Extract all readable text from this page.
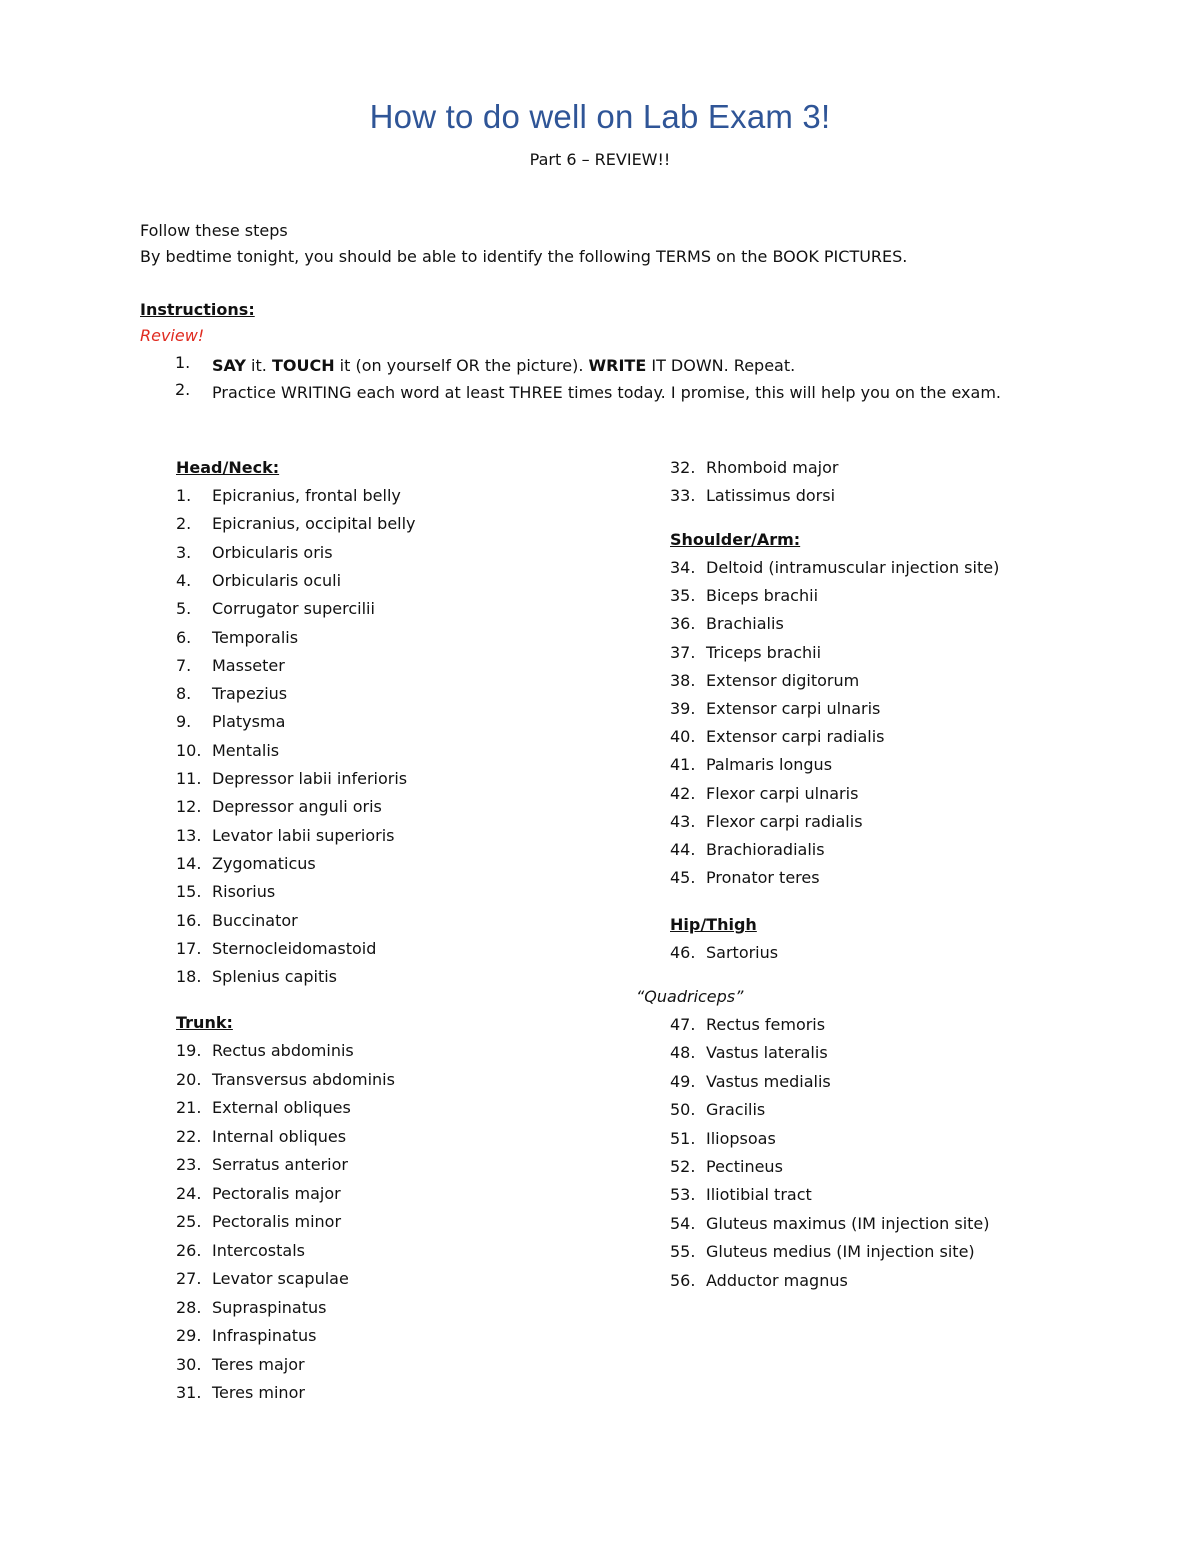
How to do well on Lab Exam 3!
Part 6 – REVIEW!!
Follow these steps
By bedtime tonight, you should be able to identify the following TERMS on the BOOK PICTURES.
Instructions:
Review!
1.	SAY it. TOUCH it (on yourself OR the picture). WRITE IT DOWN. Repeat.
2.	Practice WRITING each word at least THREE times today. I promise, this will help you on the exam.
Head/Neck:
1. Epicranius, frontal belly
2. Epicranius, occipital belly
3. Orbicularis oris
4. Orbicularis oculi
5. Corrugator supercilii
6. Temporalis
7. Masseter
8. Trapezius
9. Platysma
10. Mentalis
11. Depressor labii inferioris
12. Depressor anguli oris
13. Levator labii superioris
14. Zygomaticus
15. Risorius
16. Buccinator
17. Sternocleidomastoid
18. Splenius capitis
Trunk:
19. Rectus abdominis
20. Transversus abdominis
21. External obliques
22. Internal obliques
23. Serratus anterior
24. Pectoralis major
25. Pectoralis minor
26. Intercostals
27. Levator scapulae
28. Supraspinatus
29. Infraspinatus
30. Teres major
31. Teres minor
32. Rhomboid major
33. Latissimus dorsi
Shoulder/Arm:
34. Deltoid (intramuscular injection site)
35. Biceps brachii
36. Brachialis
37. Triceps brachii
38. Extensor digitorum
39. Extensor carpi ulnaris
40. Extensor carpi radialis
41. Palmaris longus
42. Flexor carpi ulnaris
43. Flexor carpi radialis
44. Brachioradialis
45. Pronator teres
Hip/Thigh
46. Sartorius
“Quadriceps”
47. Rectus femoris
48. Vastus lateralis
49. Vastus medialis
50. Gracilis
51. Iliopsoas
52. Pectineus
53. Iliotibial tract
54. Gluteus maximus (IM injection site)
55. Gluteus medius (IM injection site)
56. Adductor magnus
